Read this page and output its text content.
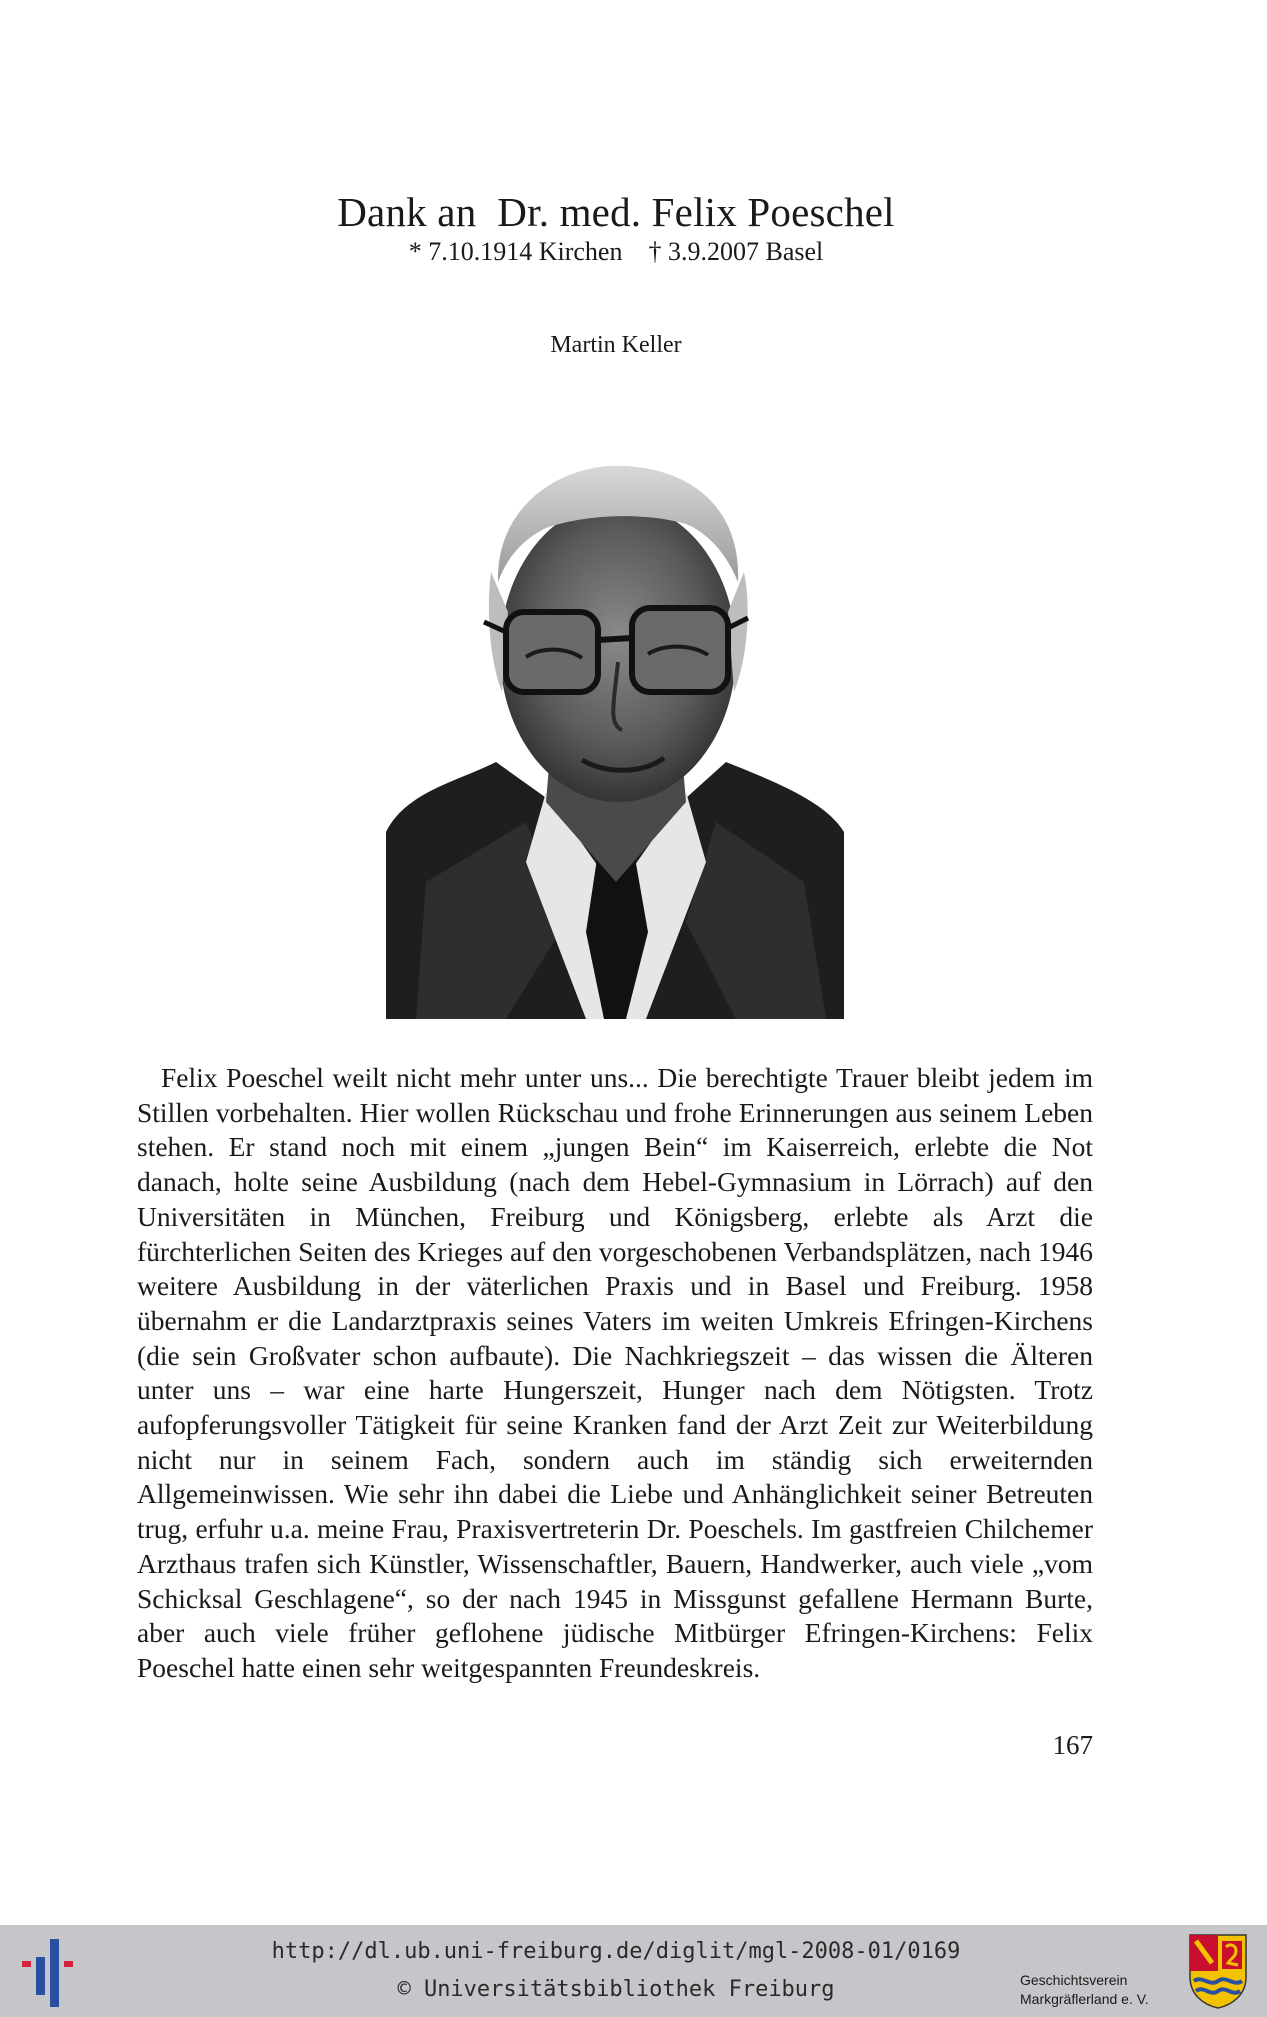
Dank an  Dr. med. Felix Poeschel
* 7.10.1914 Kirchen    † 3.9.2007 Basel
Martin Keller

Felix Poeschel weilt nicht mehr unter uns... Die berechtigte Trauer bleibt jedem im Stillen vorbehalten. Hier wollen Rückschau und frohe Erinnerungen aus seinem Leben stehen. Er stand noch mit einem „jungen Bein“ im Kaiserreich, erlebte die Not danach, holte seine Ausbildung (nach dem Hebel-Gymnasium in Lörrach) auf den Universitäten in München, Freiburg und Königsberg, erlebte als Arzt die fürchterlichen Seiten des Krieges auf den vorgeschobenen Verbandsplätzen, nach 1946 weitere Ausbildung in der väterlichen Praxis und in Basel und Freiburg. 1958 übernahm er die Landarztpraxis seines Vaters im weiten Umkreis Efringen-Kirchens (die sein Großvater schon aufbaute). Die Nachkriegszeit – das wissen die Älteren unter uns – war eine harte Hungerszeit, Hunger nach dem Nötigsten. Trotz aufopferungsvoller Tätigkeit für seine Kranken fand der Arzt Zeit zur Weiterbildung nicht nur in seinem Fach, sondern auch im ständig sich erweiternden Allgemeinwissen. Wie sehr ihn dabei die Liebe und Anhänglichkeit seiner Betreuten trug, erfuhr u.a. meine Frau, Praxisvertreterin Dr. Poeschels. Im gastfreien Chilchemer Arzthaus trafen sich Künstler, Wissenschaftler, Bauern, Handwerker, auch viele „vom Schicksal Geschlagene“, so der nach 1945 in Missgunst gefallene Hermann Burte, aber auch viele früher geflohene jüdische Mitbürger Efringen-Kirchens: Felix Poeschel hatte einen sehr weitgespannten Freundeskreis.

167
http://dl.ub.uni-freiburg.de/diglit/mgl-2008-01/0169
© Universitätsbibliothek Freiburg	Geschichtsverein
Markgräflerland e. V.
